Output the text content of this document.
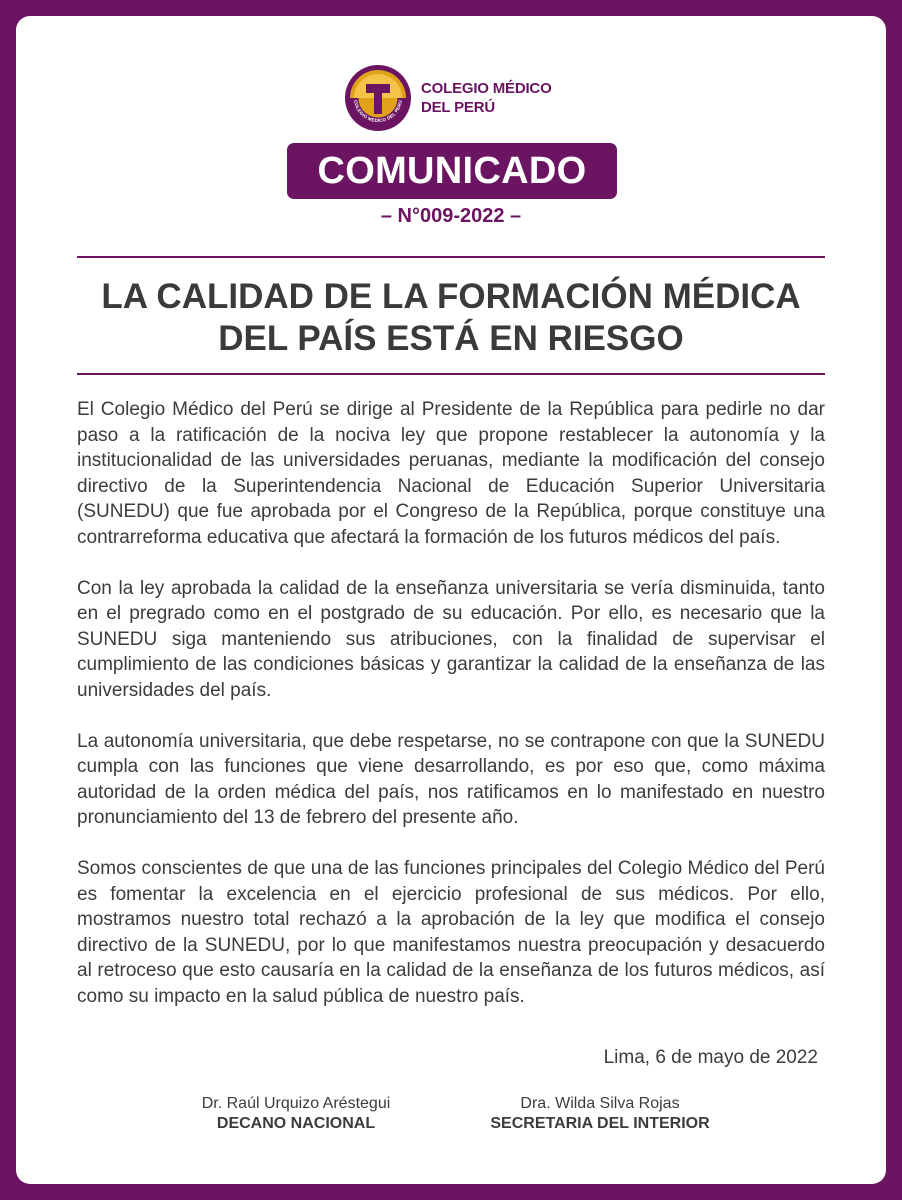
COLEGIO MEDICO DEL PERU
COLEGIO MÉDICO
DEL PERÚ
COMUNICADO
– N°009-2022 –
LA CALIDAD DE LA FORMACIÓN MÉDICA
DEL PAÍS ESTÁ EN RIESGO

El Colegio Médico del Perú se dirige al Presidente de la República para pedirle no dar paso a la ratificación de la nociva ley que propone restablecer la autonomía y la institucionalidad de las universidades peruanas, mediante la modificación del consejo directivo de la Superintendencia Nacional de Educación Superior Universitaria (SUNEDU) que fue aprobada por el Congreso de la República, porque constituye una contrarreforma educativa que afectará la formación de los futuros médicos del país.

Con la ley aprobada la calidad de la enseñanza universitaria se vería disminuida, tanto en el pregrado como en el postgrado de su educación. Por ello, es necesario que la SUNEDU siga manteniendo sus atribuciones, con la finalidad de supervisar el cumplimiento de las condiciones básicas y garantizar la calidad de la enseñanza de las universidades del país.

La autonomía universitaria, que debe respetarse, no se contrapone con que la SUNEDU cumpla con las funciones que viene desarrollando, es por eso que, como máxima autoridad de la orden médica del país, nos ratificamos en lo manifestado en nuestro pronunciamiento del 13 de febrero del presente año.

Somos conscientes de que una de las funciones principales del Colegio Médico del Perú es fomentar la excelencia en el ejercicio profesional de sus médicos. Por ello, mostramos nuestro total rechazó a la aprobación de la ley que modifica el consejo directivo de la SUNEDU, por lo que manifestamos nuestra preocupación y desacuerdo al retroceso que esto causaría en la calidad de la enseñanza de los futuros médicos, así como su impacto en la salud pública de nuestro país.

Lima, 6 de mayo de 2022
Dr. Raúl Urquizo Aréstegui
DECANO NACIONAL
Dra. Wilda Silva Rojas
SECRETARIA DEL INTERIOR
